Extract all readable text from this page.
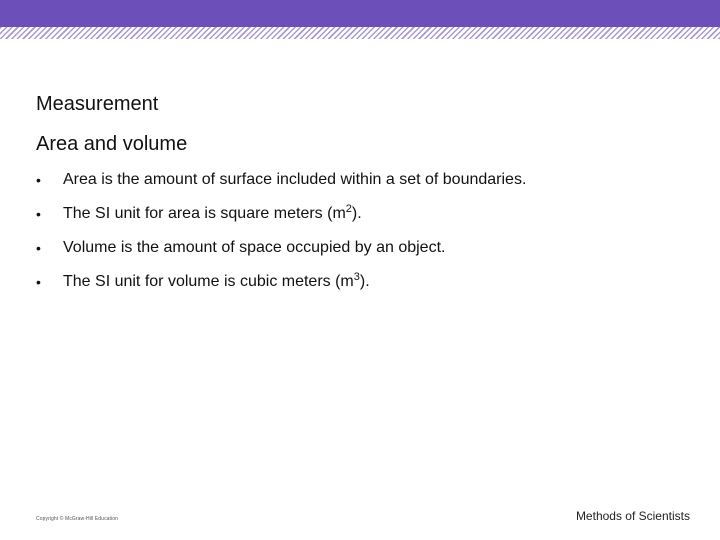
Measurement
Area and volume
• Area is the amount of surface included within a set of boundaries.
• The SI unit for area is square meters $(m^2)$.
• Volume is the amount of space occupied by an object.
• The SI unit for volume is cubic meters $(m^3)$.
Copyright © McGraw-Hill Education	Methods of Scientists
